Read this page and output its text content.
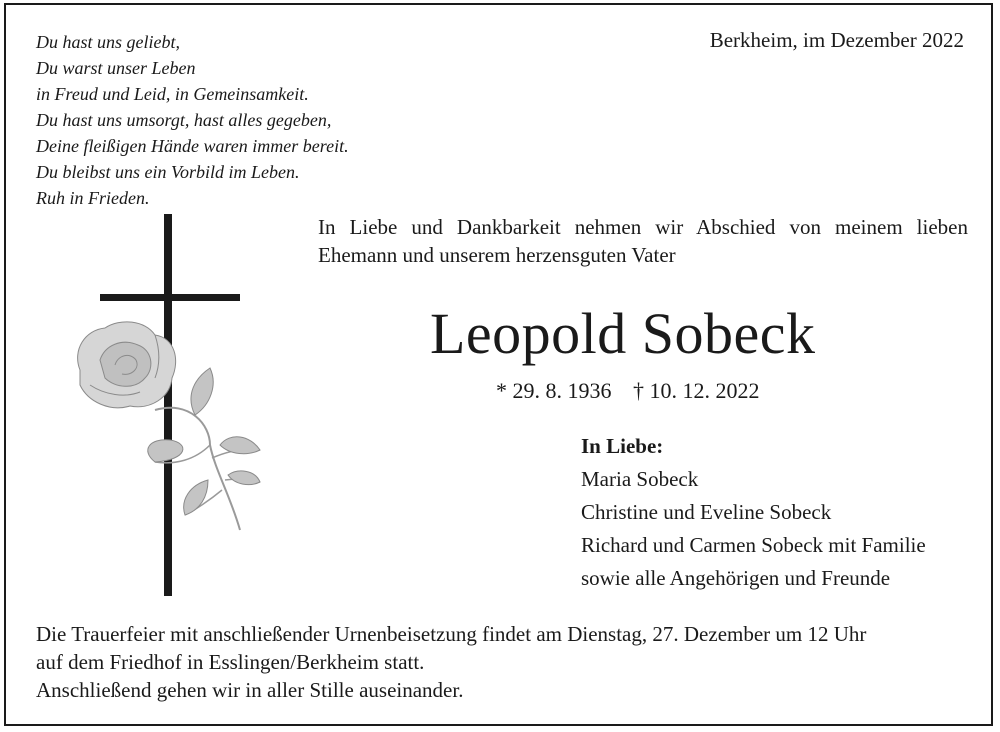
Du hast uns geliebt,
Du warst unser Leben
in Freud und Leid, in Gemeinsamkeit.
Du hast uns umsorgt, hast alles gegeben,
Deine fleißigen Hände waren immer bereit.
Du bleibst uns ein Vorbild im Leben.
Ruh in Frieden.
Berkheim, im Dezember 2022
In Liebe und Dankbarkeit nehmen wir Abschied von meinem lieben Ehemann und unserem herzensguten Vater
Leopold Sobeck
* 29. 8. 1936 † 10. 12. 2022
In Liebe:
Maria Sobeck
Christine und Eveline Sobeck
Richard und Carmen Sobeck mit Familie
sowie alle Angehörigen und Freunde
Die Trauerfeier mit anschließender Urnenbeisetzung findet am Dienstag, 27. Dezember um 12 Uhr
auf dem Friedhof in Esslingen/Berkheim statt.
Anschließend gehen wir in aller Stille auseinander.
